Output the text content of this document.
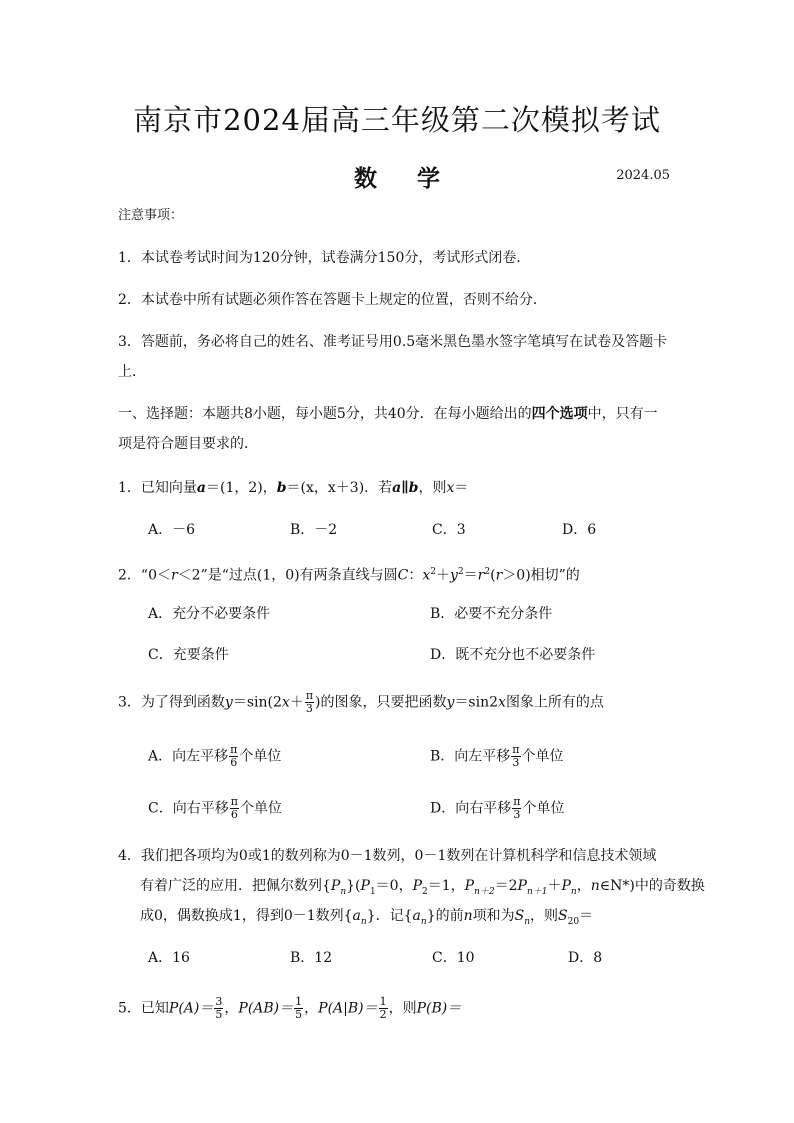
南京市2024届高三年级第二次模拟考试
数学	2024.05
注意事项：
1．本试卷考试时间为120分钟，试卷满分150分，考试形式闭卷．
2．本试卷中所有试题必须作答在答题卡上规定的位置，否则不给分．
3．答题前，务必将自己的姓名、准考证号用0.5毫米黑色墨水签字笔填写在试卷及答题卡
上．
一、选择题：本题共8小题，每小题5分，共40分．在每小题给出的四个选项中，只有一
项是符合题目要求的．
1．已知向量a＝(1，2)，b＝(x，x＋3)．若a∥b，则x＝
A．－6	B．－2	C．3	D．6
2．“0＜r＜2”是“过点(1，0)有两条直线与圆C：$x^2+y^2=r^2(r>0)$相切”的
A．充分不必要条件	B．必要不充分条件
C．充要条件	D．既不充分也不必要条件
3．为了得到函数$y=\sin(2x+ \frac{\pi}{3}$ )的图象，只要把函数y＝sin2x图象上所有的点
A．向左平移 $\frac{\pi}{6}$ 个单位	B．向左平移 $\frac{\pi}{3}$ 个单位
C．向右平移 $\frac{\pi}{6}$ 个单位	D．向右平移 $\frac{\pi}{3}$ 个单位
4．我们把各项均为0或1的数列称为0－1数列，0－1数列在计算机科学和信息技术领域
有着广泛的应用．把佩尔数列$\{P_n\}(P_1=0$，$P_2=1$，$P_{n+2}=2P_{n+1}+P_n$，n∈N*)中的奇数换
成0，偶数换成1，得到0－1数列$\{a_n\}$．记$\{a_n\}$的前n项和为$S_n$，则$S_{20}=$
A．16	B．12	C．10	D．8
5．已知$P(A)= \frac{3}{5}$ ，$P(AB)= \frac{1}{5}$ ，$P(A|B)= \frac{1}{2}$ ，则P(B)＝
